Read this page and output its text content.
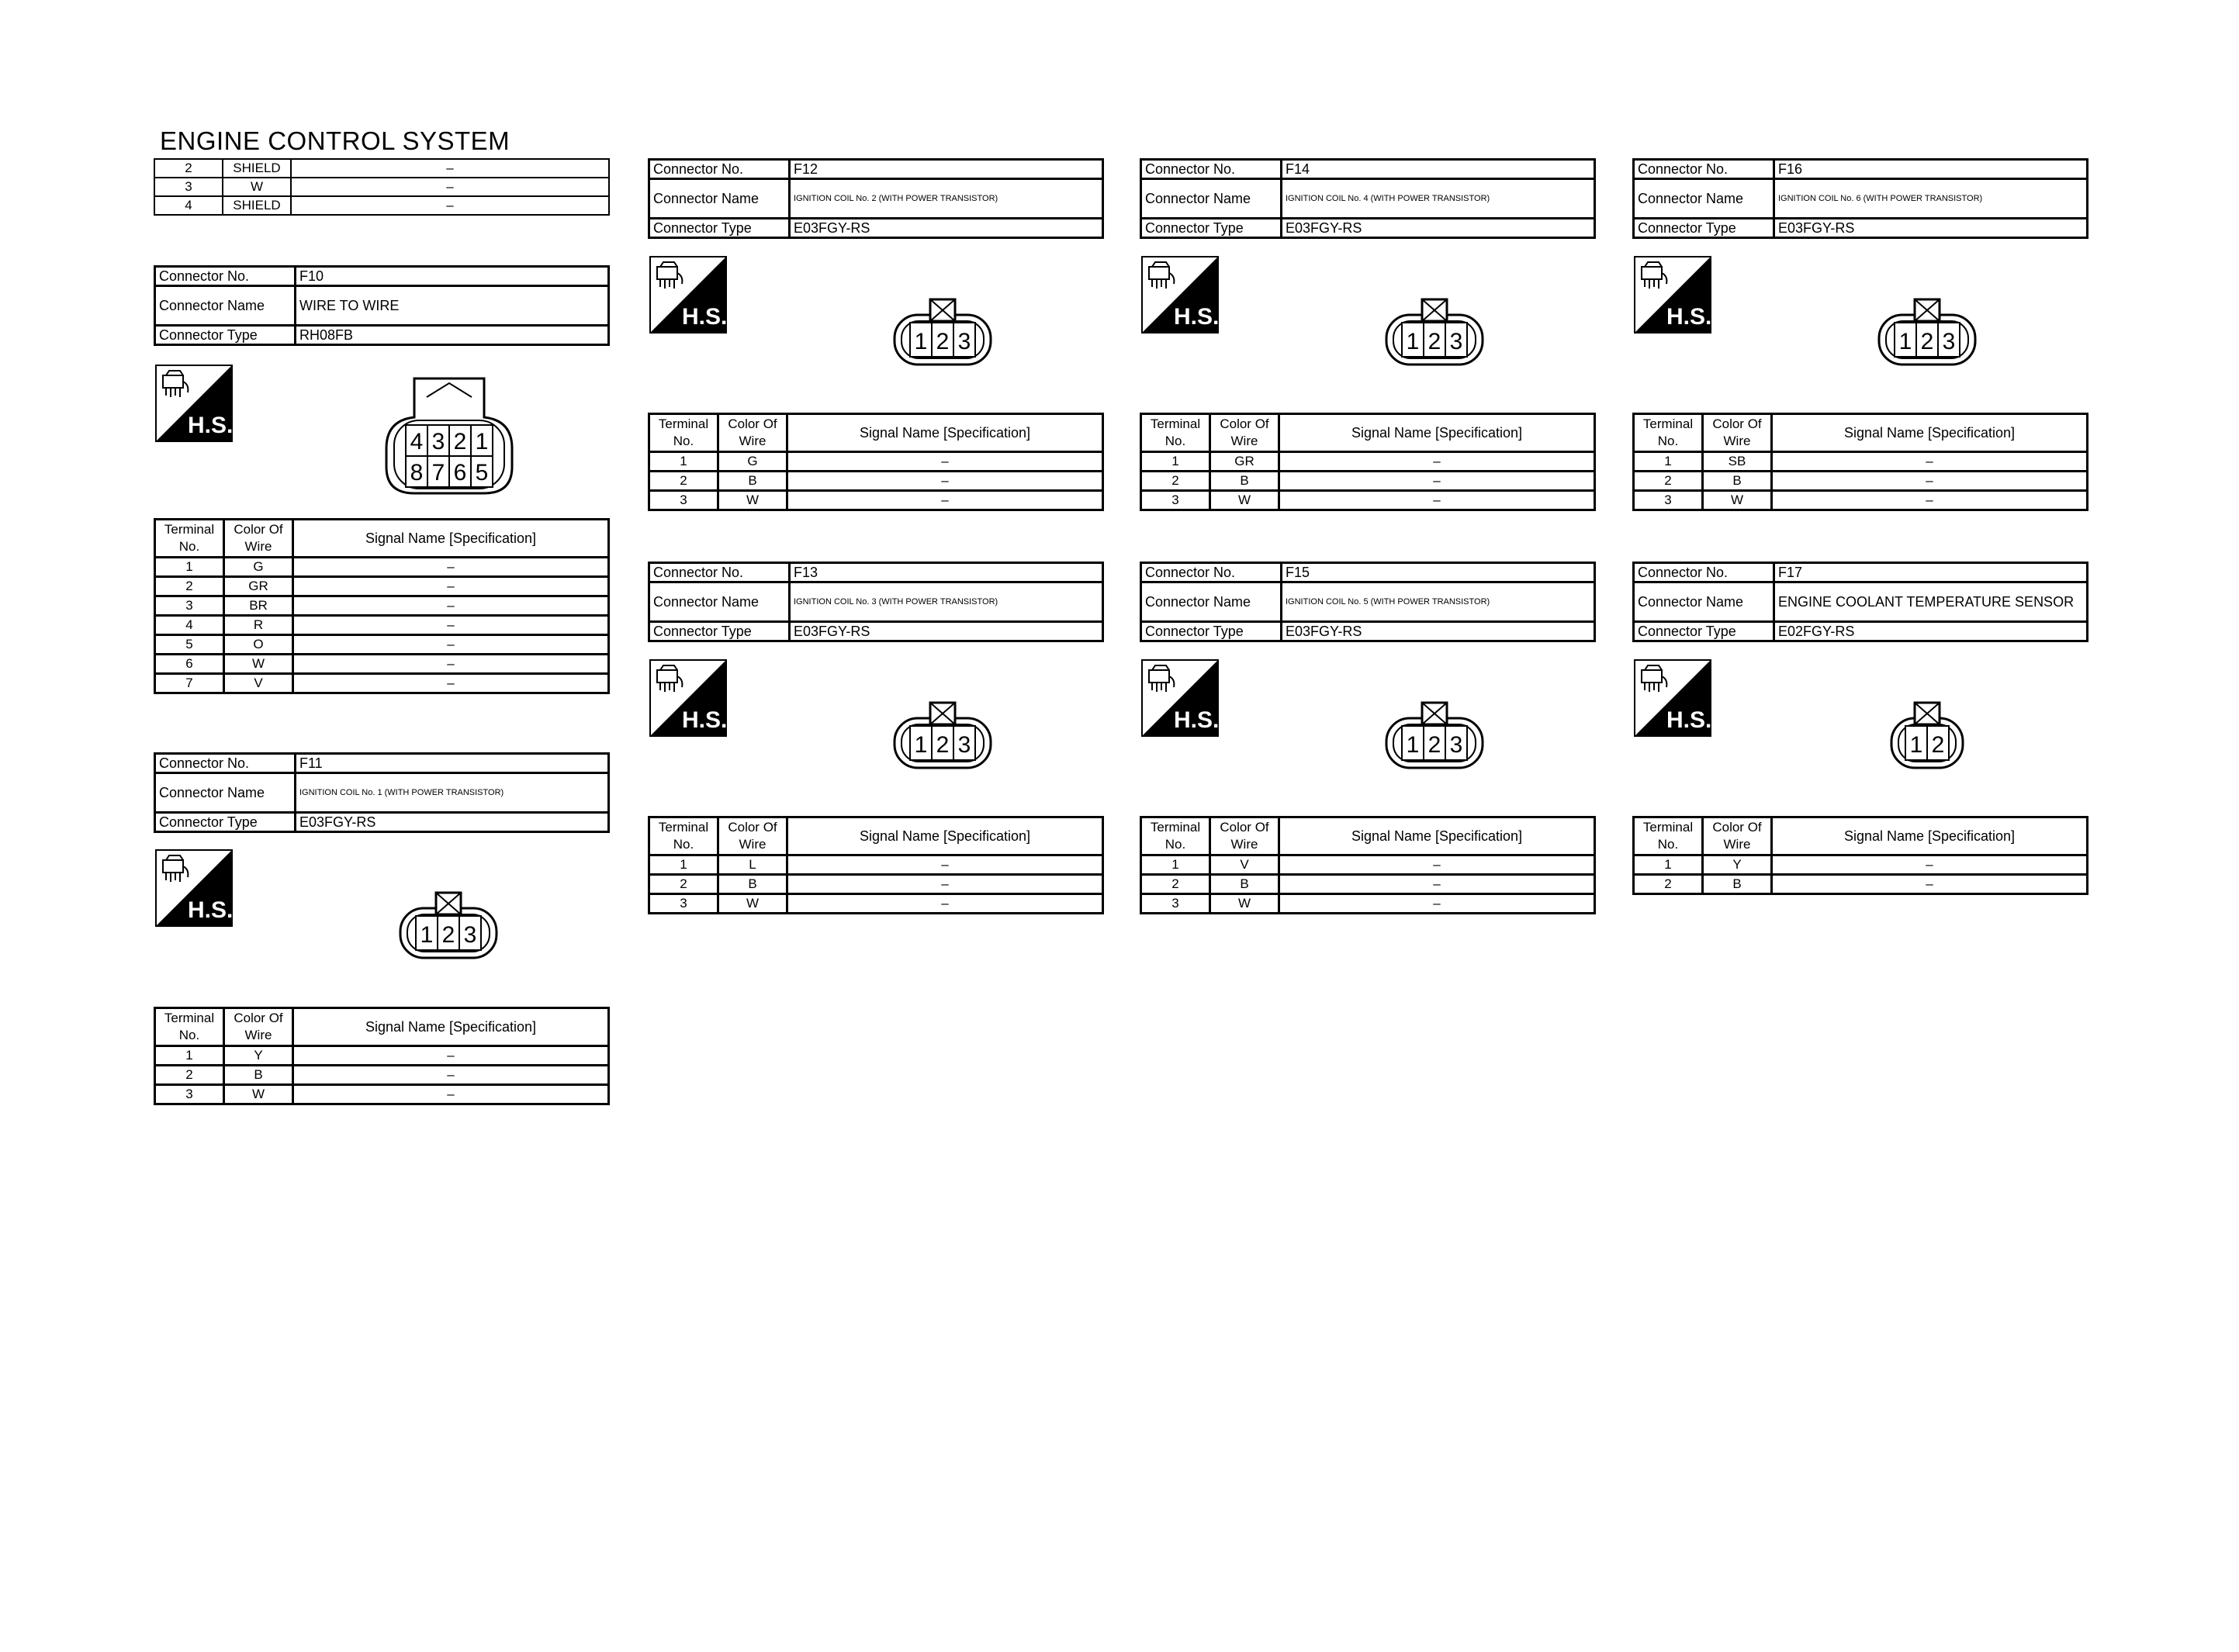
ENGINE CONTROL SYSTEM
2	SHIELD	–
3	W	–
4	SHIELD	–
Connector No.	F10
Connector Name	WIRE TO WIRE
Connector Type	RH08FB
H.S.
4 3 2 1
8 7 6 5
Terminal No.	Color Of Wire	Signal Name [Specification]
1	G	–
2	GR	–
3	BR	–
4	R	–
5	O	–
6	W	–
7	V	–
Connector No.	F11
Connector Name	IGNITION COIL No. 1 (WITH POWER TRANSISTOR)
Connector Type	E03FGY-RS
H.S.
1 2 3
Terminal No.	Color Of Wire	Signal Name [Specification]
1	Y	–
2	B	–
3	W	–
Connector No.	F12
Connector Name	IGNITION COIL No. 2 (WITH POWER TRANSISTOR)
Connector Type	E03FGY-RS
H.S.
1 2 3
Terminal No.	Color Of Wire	Signal Name [Specification]
1	G	–
2	B	–
3	W	–
Connector No.	F13
Connector Name	IGNITION COIL No. 3 (WITH POWER TRANSISTOR)
Connector Type	E03FGY-RS
H.S.
1 2 3
Terminal No.	Color Of Wire	Signal Name [Specification]
1	L	–
2	B	–
3	W	–
Connector No.	F14
Connector Name	IGNITION COIL No. 4 (WITH POWER TRANSISTOR)
Connector Type	E03FGY-RS
H.S.
1 2 3
Terminal No.	Color Of Wire	Signal Name [Specification]
1	GR	–
2	B	–
3	W	–
Connector No.	F15
Connector Name	IGNITION COIL No. 5 (WITH POWER TRANSISTOR)
Connector Type	E03FGY-RS
H.S.
1 2 3
Terminal No.	Color Of Wire	Signal Name [Specification]
1	V	–
2	B	–
3	W	–
Connector No.	F16
Connector Name	IGNITION COIL No. 6 (WITH POWER TRANSISTOR)
Connector Type	E03FGY-RS
H.S.
1 2 3
Terminal No.	Color Of Wire	Signal Name [Specification]
1	SB	–
2	B	–
3	W	–
Connector No.	F17
Connector Name	ENGINE COOLANT TEMPERATURE SENSOR
Connector Type	E02FGY-RS
H.S.
1 2
Terminal No.	Color Of Wire	Signal Name [Specification]
1	Y	–
2	B	–
